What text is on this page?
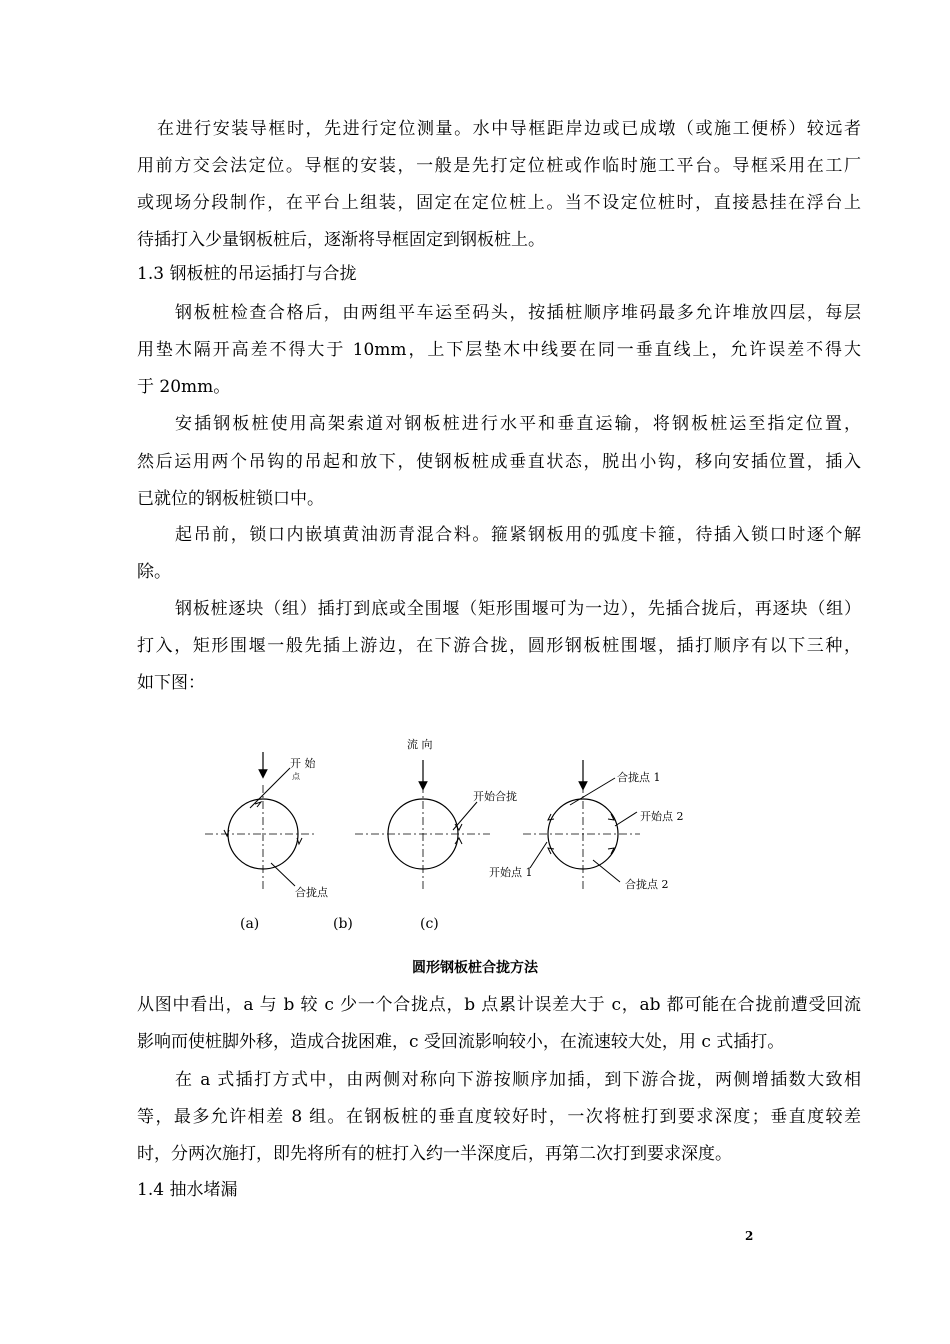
在进行安装导框时，先进行定位测量。水中导框距岸边或已成墩（或施工便桥）较远者
用前方交会法定位。导框的安装，一般是先打定位桩或作临时施工平台。导框采用在工厂
或现场分段制作，在平台上组装，固定在定位桩上。当不设定位桩时，直接悬挂在浮台上
待插打入少量钢板桩后，逐渐将导框固定到钢板桩上。
1.3 钢板桩的吊运插打与合拢
钢板桩检查合格后，由两组平车运至码头，按插桩顺序堆码最多允许堆放四层，每层
用垫木隔开高差不得大于 10mm，上下层垫木中线要在同一垂直线上，允许误差不得大
于 20mm。
安插钢板桩使用高架索道对钢板桩进行水平和垂直运输，将钢板桩运至指定位置，
然后运用两个吊钩的吊起和放下，使钢板桩成垂直状态，脱出小钩，移向安插位置，插入
已就位的钢板桩锁口中。
起吊前，锁口内嵌填黄油沥青混合料。箍紧钢板用的弧度卡箍，待插入锁口时逐个解
除。
钢板桩逐块（组）插打到底或全围堰（矩形围堰可为一边），先插合拢后，再逐块（组）
打入，矩形围堰一般先插上游边，在下游合拢，圆形钢板桩围堰，插打顺序有以下三种，
如下图：
开 始
点
合拢点
(a)
流 向
开始合拢
(b)	(c)
合拢点 1
开始点 2
开始点 1
合拢点 2
圆形钢板桩合拢方法
从图中看出，a 与 b 较 c 少一个合拢点，b 点累计误差大于 c，ab 都可能在合拢前遭受回流
影响而使桩脚外移，造成合拢困难，c 受回流影响较小，在流速较大处，用 c 式插打。
在 a 式插打方式中，由两侧对称向下游按顺序加插，到下游合拢，两侧增插数大致相
等，最多允许相差 8 组。在钢板桩的垂直度较好时，一次将桩打到要求深度；垂直度较差
时，分两次施打，即先将所有的桩打入约一半深度后，再第二次打到要求深度。
1.4 抽水堵漏
2
